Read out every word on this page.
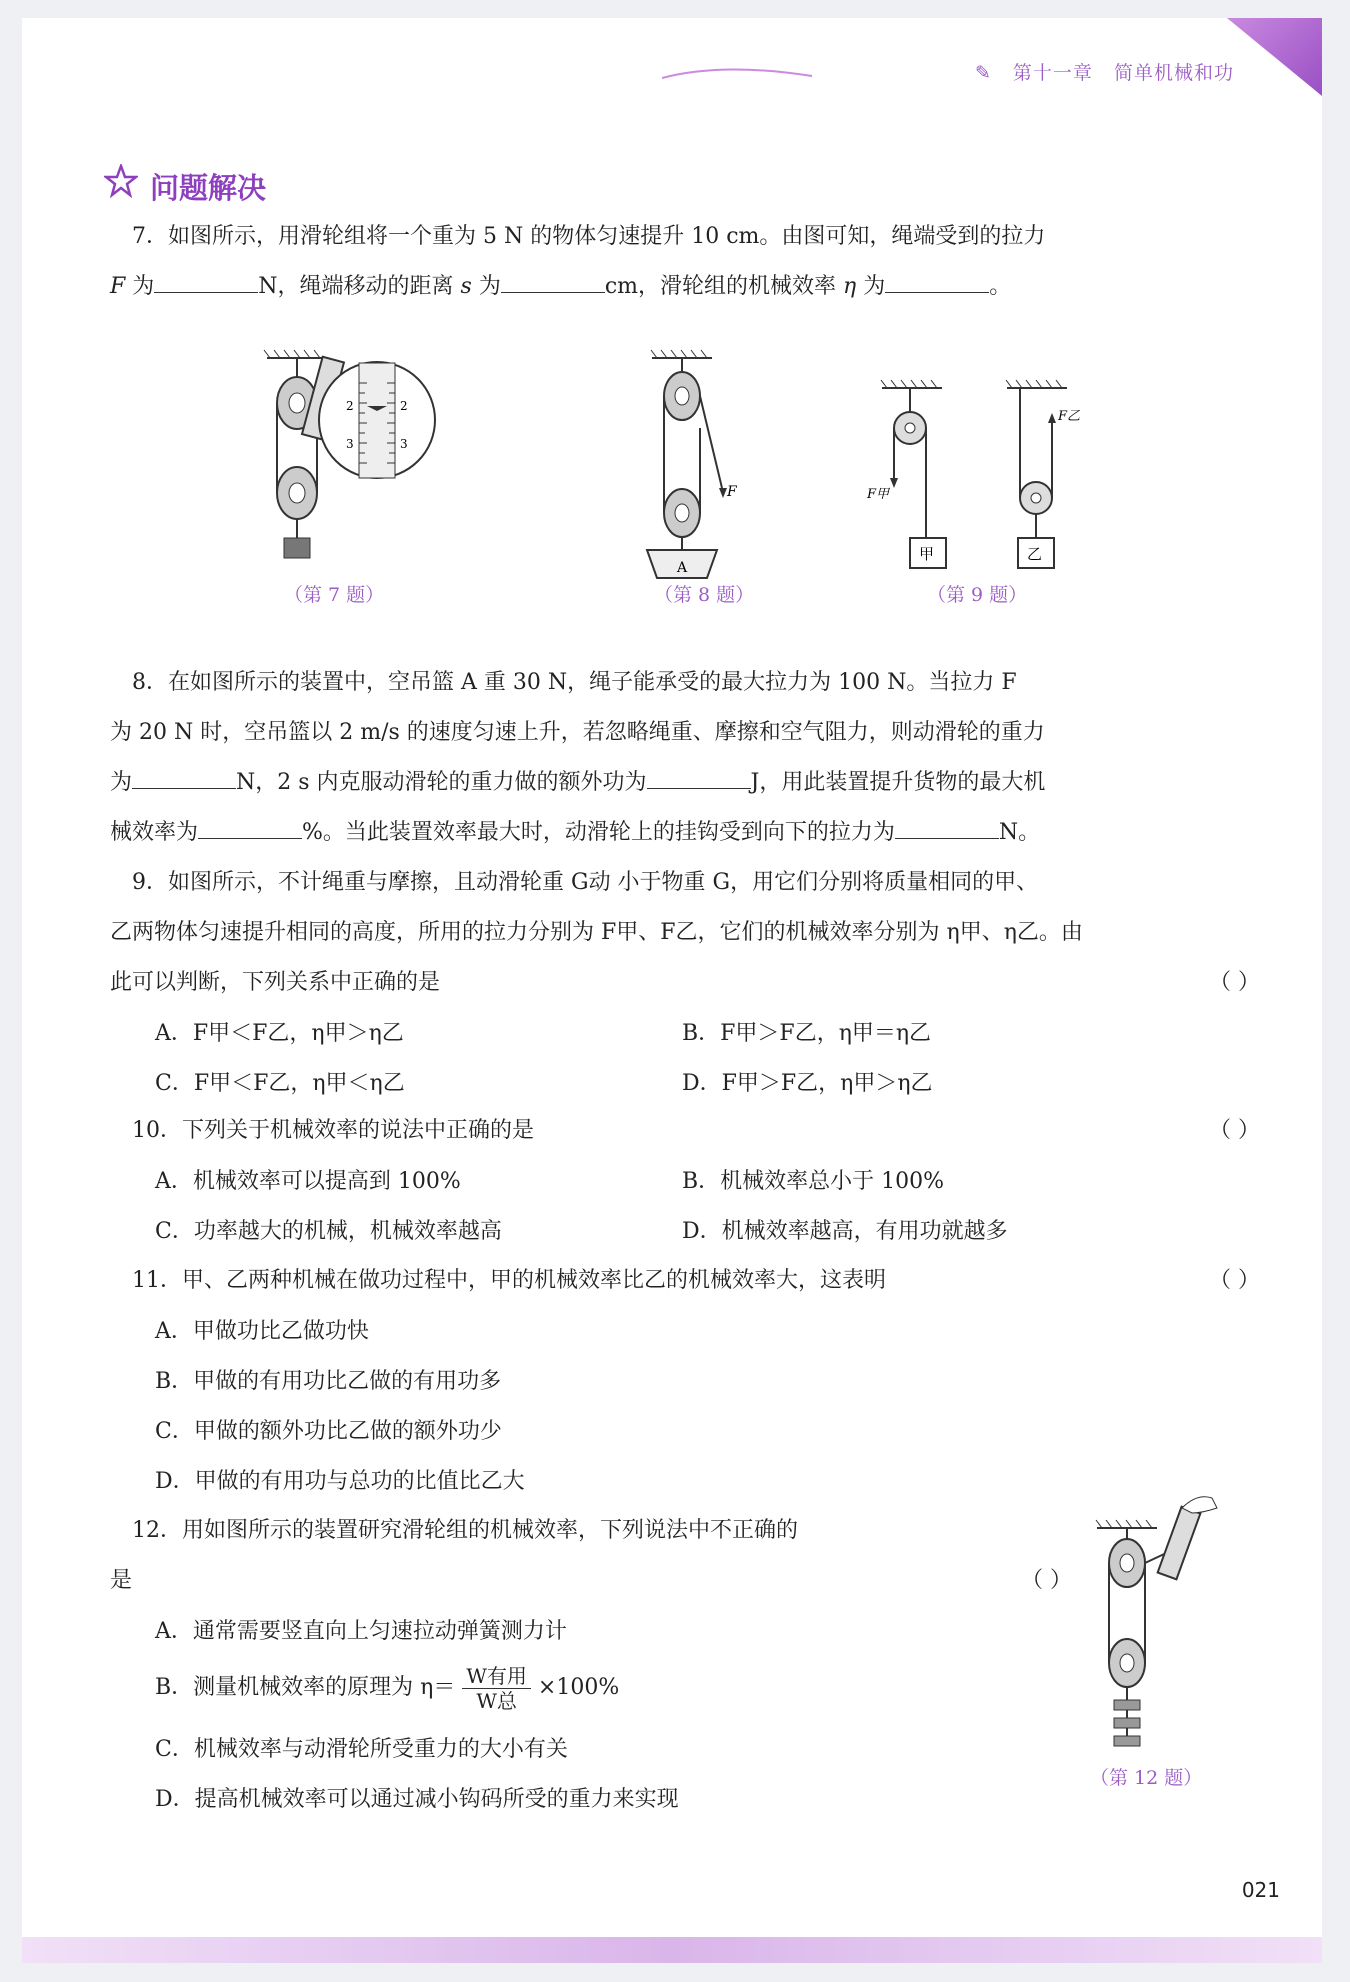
✎ 第十一章 简单机械和功
问题解决
7．如图所示，用滑轮组将一个重为 5 N 的物体匀速提升 10 cm。由图可知，绳端受到的拉力
F 为	N，绳端移动的距离 s 为	cm，滑轮组的机械效率 η 为	。
2	2
3	3
（第 7 题）
F
A
（第 8 题）
F甲
甲
F乙
乙
（第 9 题）
8．在如图所示的装置中，空吊篮 A 重 30 N，绳子能承受的最大拉力为 100 N。当拉力 F
为 20 N 时，空吊篮以 2 m/s 的速度匀速上升，若忽略绳重、摩擦和空气阻力，则动滑轮的重力
为	N，2 s 内克服动滑轮的重力做的额外功为	J，用此装置提升货物的最大机
械效率为	%。当此装置效率最大时，动滑轮上的挂钩受到向下的拉力为	N。
9．如图所示，不计绳重与摩擦，且动滑轮重 G动 小于物重 G，用它们分别将质量相同的甲、
乙两物体匀速提升相同的高度，所用的拉力分别为 F甲、F乙，它们的机械效率分别为 η甲、η乙。由
此可以判断，下列关系中正确的是	（ ）
A．F甲＜F乙，η甲＞η乙	B．F甲＞F乙，η甲＝η乙
C．F甲＜F乙，η甲＜η乙	D．F甲＞F乙，η甲＞η乙
10．下列关于机械效率的说法中正确的是	（ ）
A．机械效率可以提高到 100%	B．机械效率总小于 100%
C．功率越大的机械，机械效率越高	D．机械效率越高，有用功就越多
11．甲、乙两种机械在做功过程中，甲的机械效率比乙的机械效率大，这表明	（ ）
A．甲做功比乙做功快
B．甲做的有用功比乙做的有用功多
C．甲做的额外功比乙做的额外功少
D．甲做的有用功与总功的比值比乙大
12．用如图所示的装置研究滑轮组的机械效率，下列说法中不正确的
是	（ ）
A．通常需要竖直向上匀速拉动弹簧测力计
B．测量机械效率的原理为 $\eta= \frac{\text{W有用}}{\text{W总}} \times 100\%$
C．机械效率与动滑轮所受重力的大小有关
D．提高机械效率可以通过减小钩码所受的重力来实现
（第 12 题）
021
